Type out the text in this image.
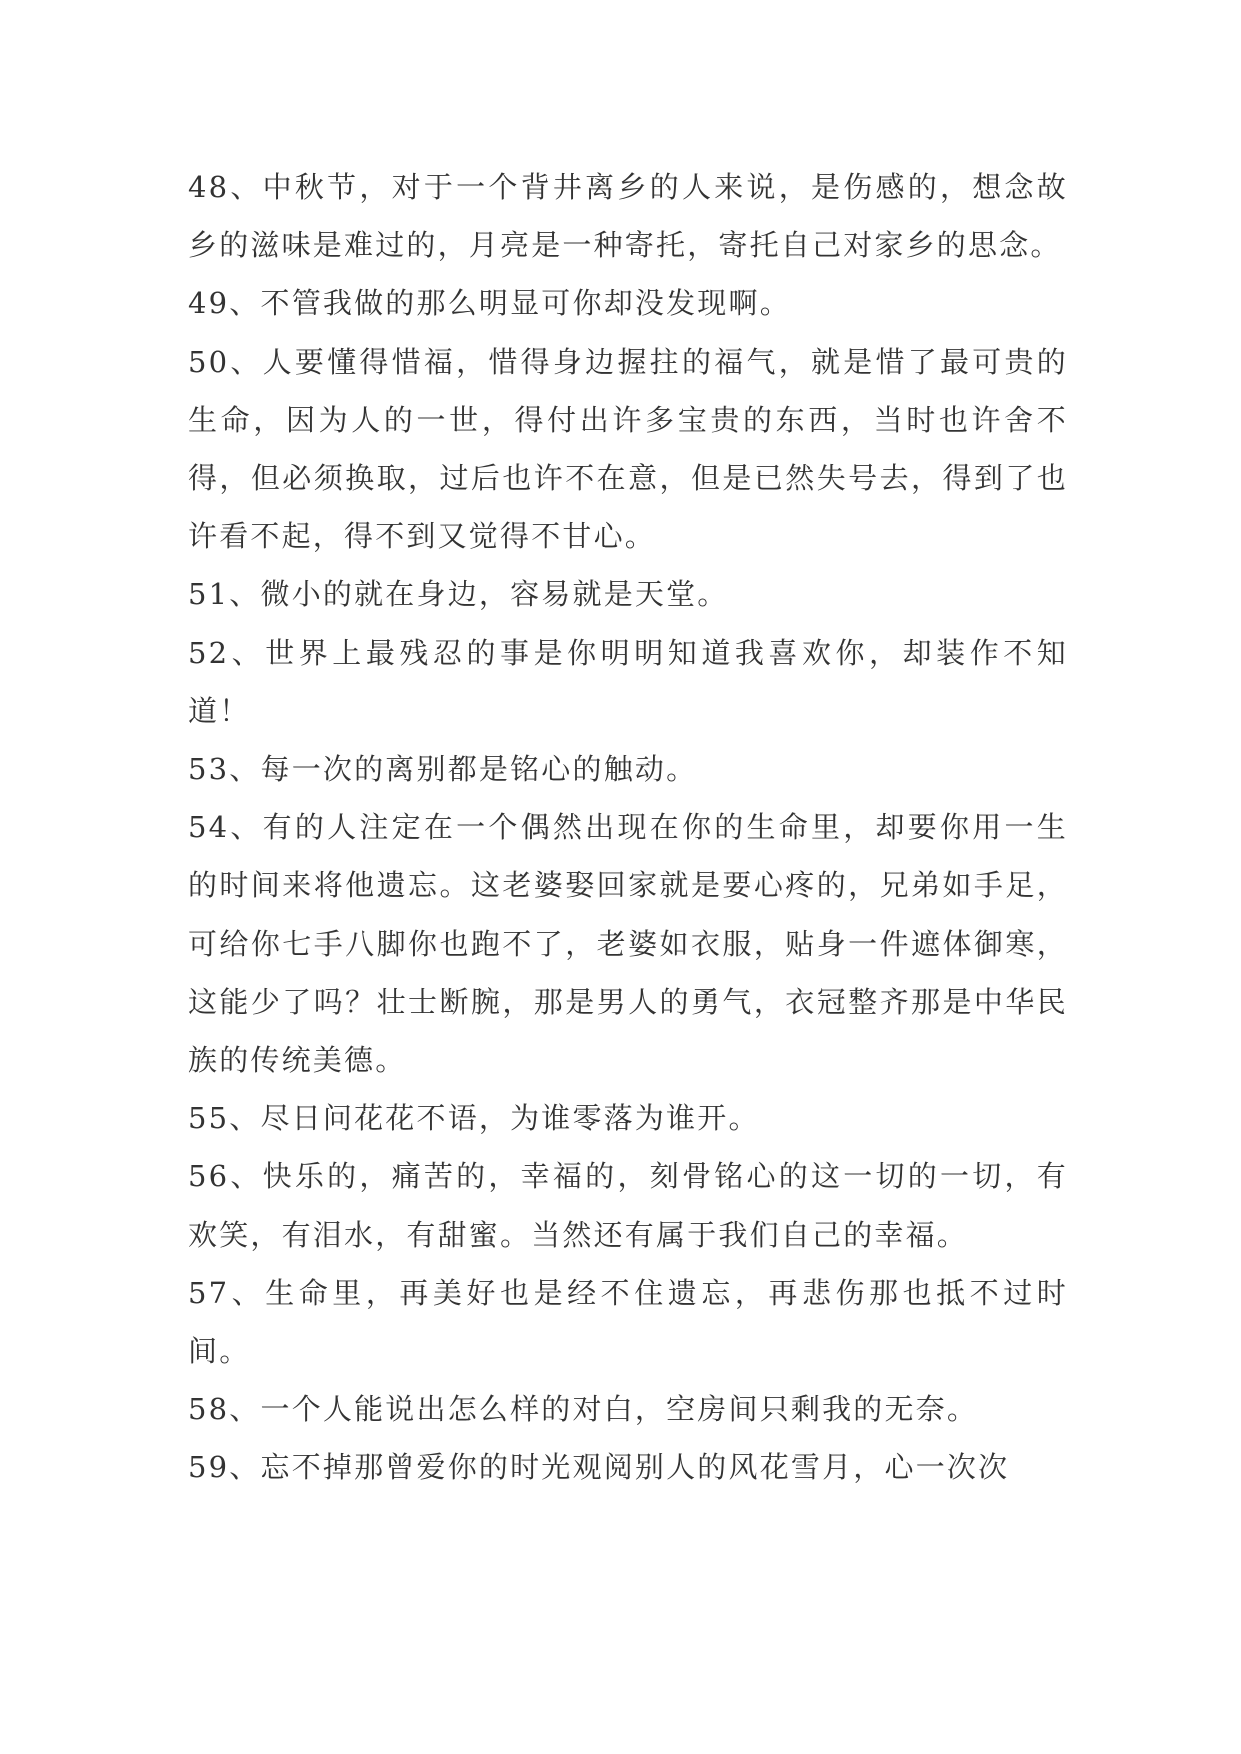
48、中秋节，对于一个背井离乡的人来说，是伤感的，想念故乡的滋味是难过的，月亮是一种寄托，寄托自己对家乡的思念。

49、不管我做的那么明显可你却没发现啊。

50、人要懂得惜福，惜得身边握拄的福气，就是惜了最可贵的生命，因为人的一世，得付出许多宝贵的东西，当时也许舍不得，但必须换取，过后也许不在意，但是已然失号去，得到了也许看不起，得不到又觉得不甘心。

51、微小的就在身边，容易就是天堂。

52、世界上最残忍的事是你明明知道我喜欢你，却装作不知道！

53、每一次的离别都是铭心的触动。

54、有的人注定在一个偶然出现在你的生命里，却要你用一生的时间来将他遗忘。这老婆娶回家就是要心疼的，兄弟如手足，可给你七手八脚你也跑不了，老婆如衣服，贴身一件遮体御寒，这能少了吗？壮士断腕，那是男人的勇气，衣冠整齐那是中华民族的传统美德。

55、尽日问花花不语，为谁零落为谁开。

56、快乐的，痛苦的，幸福的，刻骨铭心的这一切的一切，有欢笑，有泪水，有甜蜜。当然还有属于我们自己的幸福。

57、生命里，再美好也是经不住遗忘，再悲伤那也抵不过时间。

58、一个人能说出怎么样的对白，空房间只剩我的无奈。

59、忘不掉那曾爱你的时光观阅别人的风花雪月，心一次次
